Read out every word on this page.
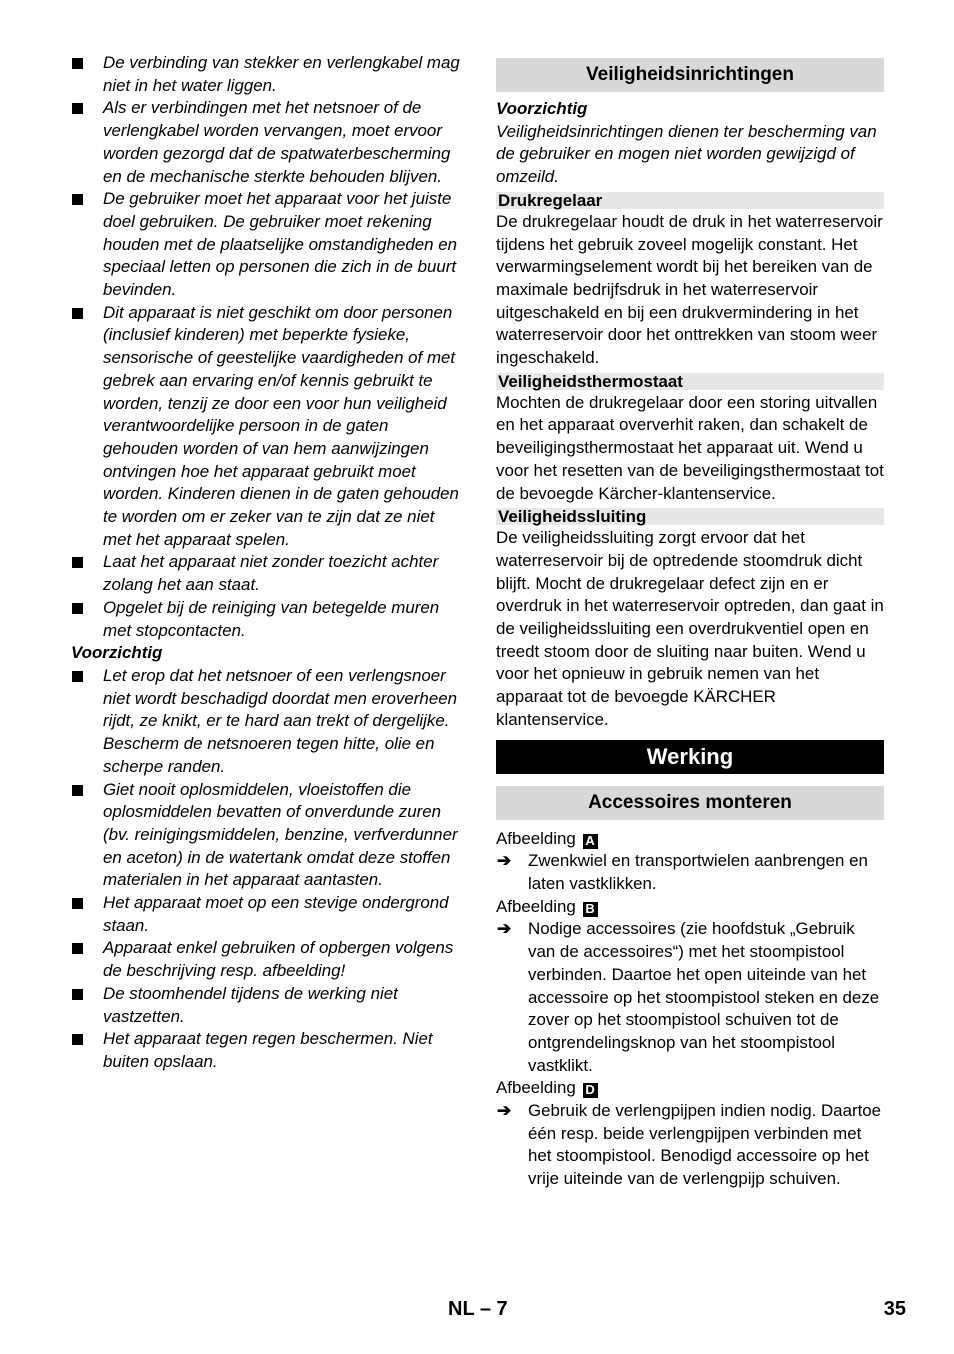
De verbinding van stekker en verlengkabel mag niet in het water liggen.
Als er verbindingen met het netsnoer of de verlengkabel worden vervangen, moet ervoor worden gezorgd dat de spatwaterbescherming en de mechanische sterkte behouden blijven.
De gebruiker moet het apparaat voor het juiste doel gebruiken. De gebruiker moet rekening houden met de plaatselijke omstandigheden en speciaal letten op personen die zich in de buurt bevinden.
Dit apparaat is niet geschikt om door personen (inclusief kinderen) met beperkte fysieke, sensorische of geestelijke vaardigheden of met gebrek aan ervaring en/of kennis gebruikt te worden, tenzij ze door een voor hun veiligheid verantwoordelijke persoon in de gaten gehouden worden of van hem aanwijzingen ontvingen hoe het apparaat gebruikt moet worden. Kinderen dienen in de gaten gehouden te worden om er zeker van te zijn dat ze niet met het apparaat spelen.
Laat het apparaat niet zonder toezicht achter zolang het aan staat.
Opgelet bij de reiniging van betegelde muren met stopcontacten.
Voorzichtig
Let erop dat het netsnoer of een verlengsnoer niet wordt beschadigd doordat men eroverheen rijdt, ze knikt, er te hard aan trekt of dergelijke. Bescherm de netsnoeren tegen hitte, olie en scherpe randen.
Giet nooit oplosmiddelen, vloeistoffen die oplosmiddelen bevatten of onverdunde zuren (bv. reinigingsmiddelen, benzine, verfverdunner en aceton) in de watertank omdat deze stoffen materialen in het apparaat aantasten.
Het apparaat moet op een stevige ondergrond staan.
Apparaat enkel gebruiken of opbergen volgens de beschrijving resp. afbeelding!
De stoomhendel tijdens de werking niet vastzetten.
Het apparaat tegen regen beschermen. Niet buiten opslaan.
Veiligheidsinrichtingen
Voorzichtig
Veiligheidsinrichtingen dienen ter bescherming van de gebruiker en mogen niet worden gewijzigd of omzeild.
Drukregelaar
De drukregelaar houdt de druk in het waterreservoir tijdens het gebruik zoveel mogelijk constant. Het verwarmingselement wordt bij het bereiken van de maximale bedrijfsdruk in het waterreservoir uitgeschakeld en bij een drukvermindering in het waterreservoir door het onttrekken van stoom weer ingeschakeld.
Veiligheidsthermostaat
Mochten de drukregelaar door een storing uitvallen en het apparaat oververhit raken, dan schakelt de beveiligingsthermostaat het apparaat uit. Wend u voor het resetten van de beveiligingsthermostaat tot de bevoegde Kärcher-klantenservice.
Veiligheidssluiting
De veiligheidssluiting zorgt ervoor dat het waterreservoir bij de optredende stoomdruk dicht blijft. Mocht de drukregelaar defect zijn en er overdruk in het waterreservoir optreden, dan gaat in de veiligheidssluiting een overdrukventiel open en treedt stoom door de sluiting naar buiten. Wend u voor het opnieuw in gebruik nemen van het apparaat tot de bevoegde KÄRCHER klantenservice.
Werking
Accessoires monteren
Afbeelding A
➔ Zwenkwiel en transportwielen aanbrengen en laten vastklikken.
Afbeelding B
➔ Nodige accessoires (zie hoofdstuk „Gebruik van de accessoires“) met het stoompistool verbinden. Daartoe het open uiteinde van het accessoire op het stoompistool steken en deze zover op het stoompistool schuiven tot de ontgrendelingsknop van het stoompistool vastklikt.
Afbeelding D
➔ Gebruik de verlengpijpen indien nodig. Daartoe één resp. beide verlengpijpen verbinden met het stoompistool. Benodigd accessoire op het vrije uiteinde van de verlengpijp schuiven.
NL – 7	35
